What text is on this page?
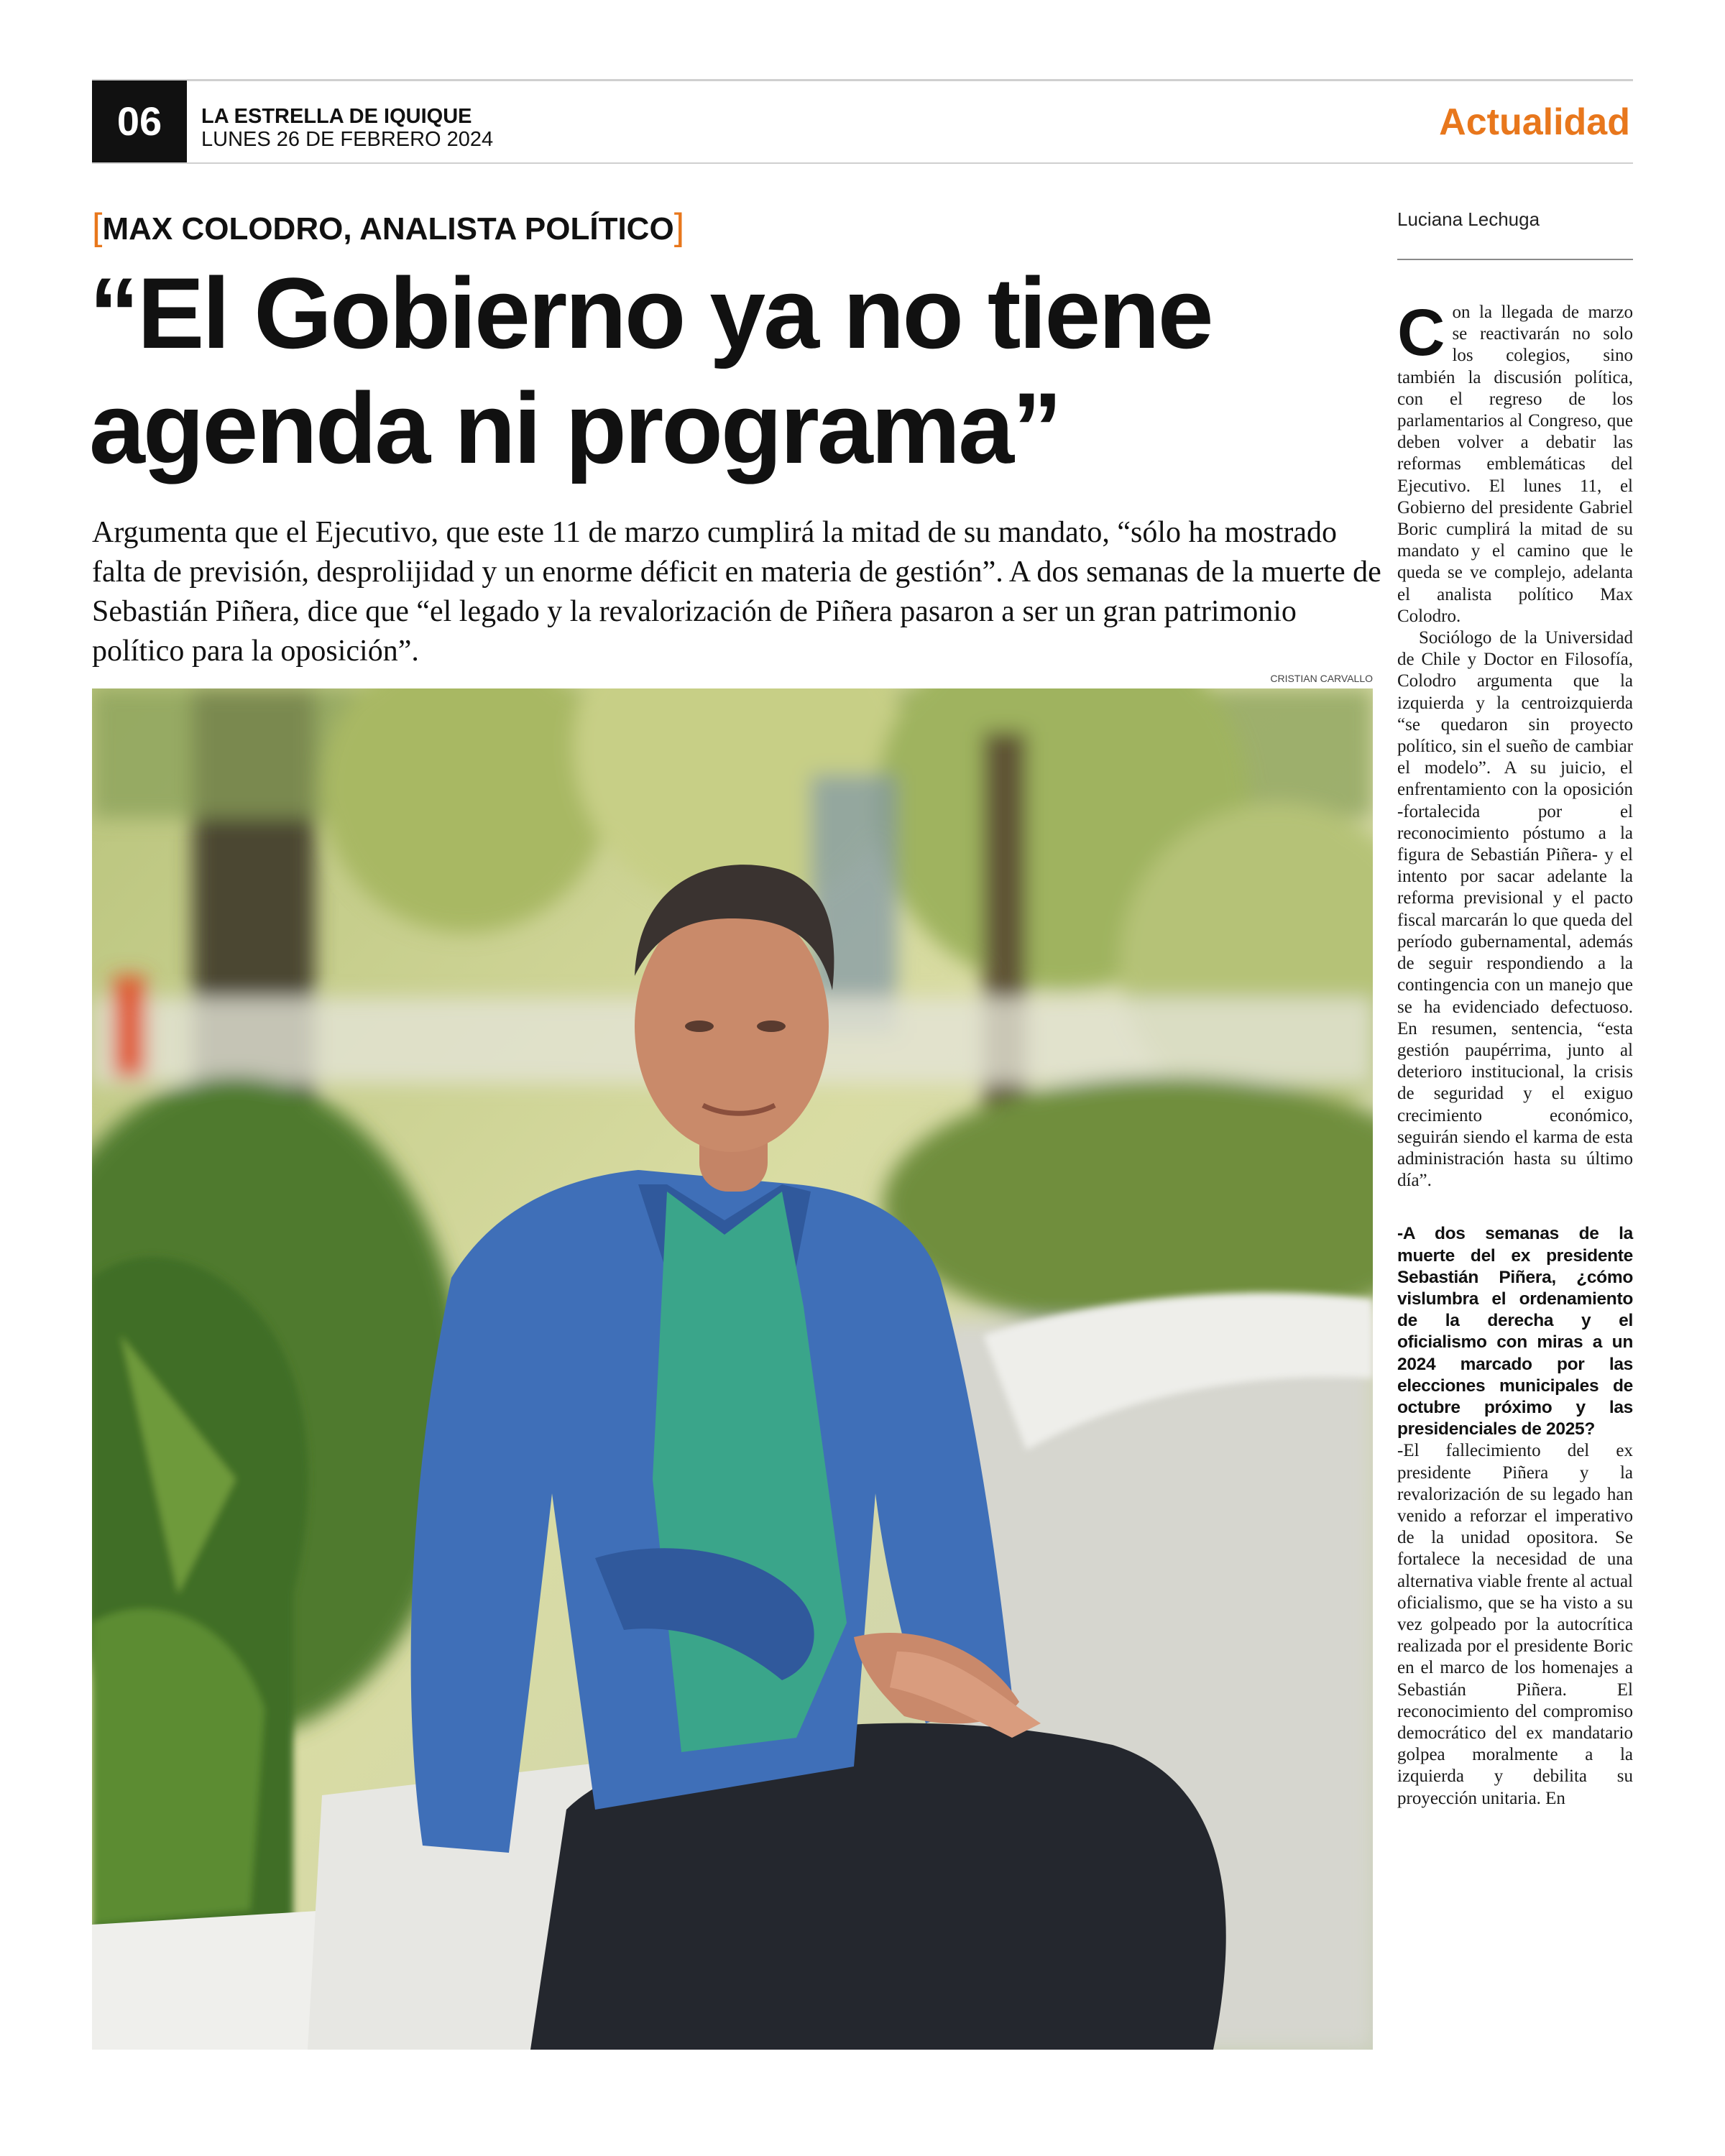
06	LA ESTRELLA DE IQUIQUE
LUNES 26 DE FEBRERO 2024	Actualidad
[MAX COLODRO, ANALISTA POLÍTICO]
“El Gobierno ya no tiene agenda ni programa”

Argumenta que el Ejecutivo, que este 11 de marzo cumplirá la mitad de su mandato, “sólo ha mostrado falta de previsión, desprolijidad y un enorme déficit en materia de gestión”. A dos semanas de la muerte de Sebastián Piñera, dice que “el legado y la revalorización de Piñera pasaron a ser un gran patrimonio político para la oposición”.

CRISTIAN CARVALLO
Luciana Lechuga

Con la llegada de marzo se reactivarán no solo los colegios, sino también la discusión política, con el regreso de los parlamentarios al Congreso, que deben volver a debatir las reformas emblemáticas del Ejecutivo. El lunes 11, el Gobierno del presidente Gabriel Boric cumplirá la mitad de su mandato y el camino que le queda se ve complejo, adelanta el analista político Max Colodro.

Sociólogo de la Universidad de Chile y Doctor en Filosofía, Colodro argumenta que la izquierda y la centroizquierda “se quedaron sin proyecto político, sin el sueño de cambiar el modelo”. A su juicio, el enfrentamiento con la oposición -fortalecida por el reconocimiento póstumo a la figura de Sebastián Piñera- y el intento por sacar adelante la reforma previsional y el pacto fiscal marcarán lo que queda del período gubernamental, además de seguir respondiendo a la contingencia con un manejo que se ha evidenciado defectuoso. En resumen, sentencia, “esta gestión paupérrima, junto al deterioro institucional, la crisis de seguridad y el exiguo crecimiento económico, seguirán siendo el karma de esta administración hasta su último día”.

-A dos semanas de la muerte del ex presidente Sebastián Piñera, ¿cómo vislumbra el ordenamiento de la derecha y el oficialismo con miras a un 2024 marcado por las elecciones municipales de octubre próximo y las presidenciales de 2025?

-El fallecimiento del ex presidente Piñera y la revalorización de su legado han venido a reforzar el imperativo de la unidad opositora. Se fortalece la necesidad de una alternativa viable frente al actual oficialismo, que se ha visto a su vez golpeado por la autocrítica realizada por el presidente Boric en el marco de los homenajes a Sebastián Piñera. El reconocimiento del compromiso democrático del ex mandatario golpea moralmente a la izquierda y debilita su proyección unitaria. En
